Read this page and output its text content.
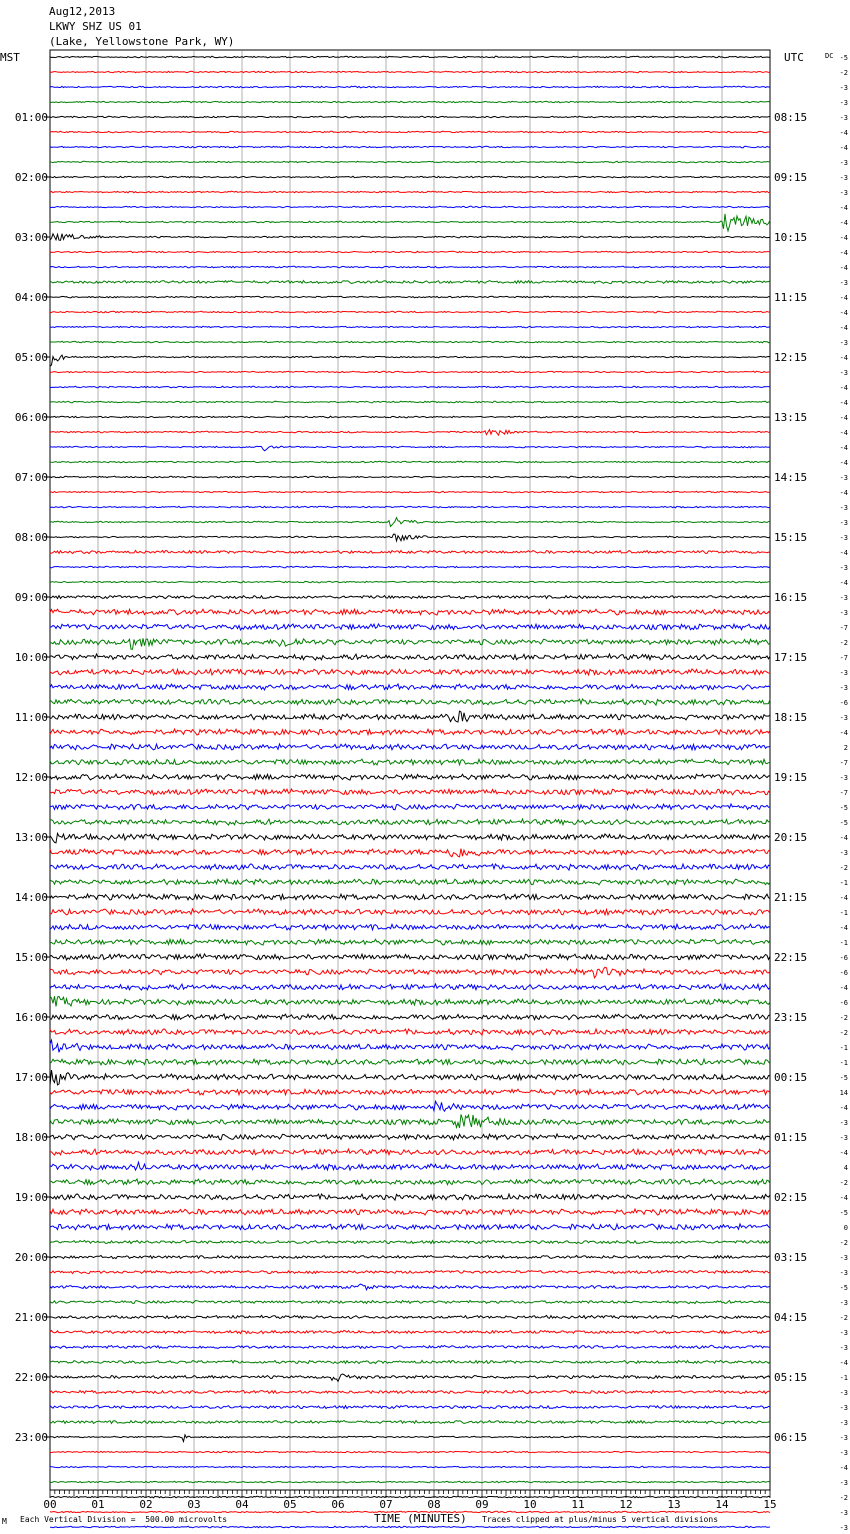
Aug12,2013
LKWY SHZ US 01
(Lake, Yellowstone Park, WY)
-5
-2
-3
-3
-3
-4
-4
-3
-3
-3
-4
-4
-4
-4
-4
-3
-4
-4
-4
-3
-4
-3
-4
-4
-4
-4
-4
-4
-3
-4
-3
-3
-3
-4
-3
-4
-3
-3
-7
-2
-7
-3
-3
-6
-3
-4
2
-7
-3
-7
-5
-5
-4
-3
-2
-1
-4
-1
-4
-1
-6
-6
-4
-6
-2
-2
-1
-1
-5
14
-4
-3
-3
-4
4
-2
-4
-5
0
-2
-3
-3
-5
-3
-2
-3
-3
-4
-1
-3
-3
-3
-3
-3
-4
-3
-2
-3
-3
01:00	08:15
02:00	09:15
03:00	10:15
04:00	11:15
05:00	12:15
06:00	13:15
07:00	14:15
08:00	15:15
09:00	16:15
10:00	17:15
11:00	18:15
12:00	19:15
13:00	20:15
14:00	21:15
15:00	22:15
16:00	23:15
17:00	00:15
18:00	01:15
19:00	02:15
20:00	03:15
21:00	04:15
22:00	05:15
23:00	06:15
MST	UTC	DC
00	01	02	03	04	05	06	07	08	09	10	11	12	13	14	15
TIME (MINUTES)
M Each Vertical Division =  500.00 microvolts	Traces clipped at plus/minus 5 vertical divisions
